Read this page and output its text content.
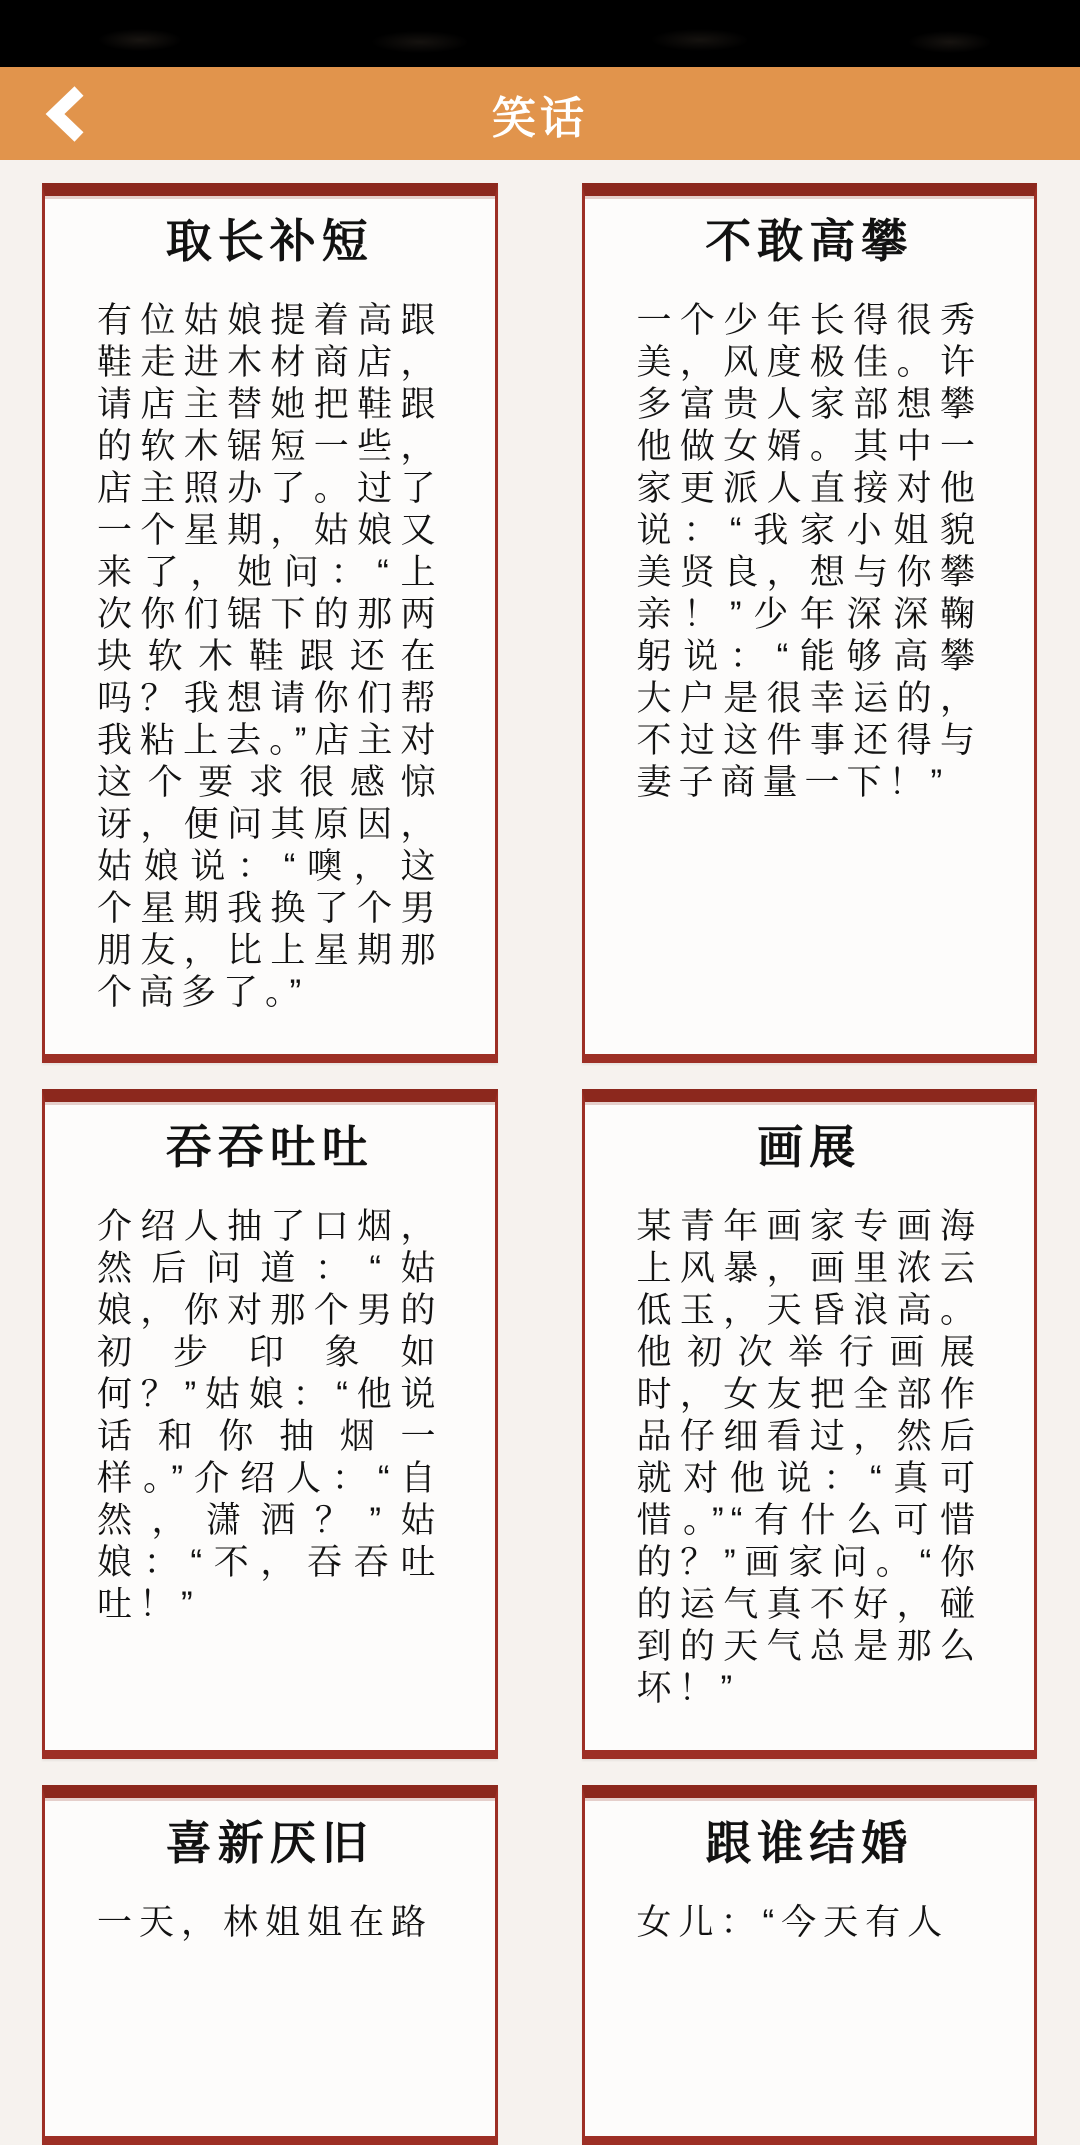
笑话
取长补短

有位姑娘提着高跟鞋走进木材商店，请店主替她把鞋跟的软木锯短一些，店主照办了。过了一个星期，姑娘又来了，她问：“上次你们锯下的那两块软木鞋跟还在吗？我想请你们帮我粘上去。”店主对这个要求很感惊讶，便问其原因，姑娘说：“噢，这个星期我换了个男朋友，比上星期那个高多了。”

不敢高攀

一个少年长得很秀美，风度极佳。许多富贵人家部想攀他做女婿。其中一家更派人直接对他说：“我家小姐貌美贤良，想与你攀亲！”少年深深鞠躬说：“能够高攀大户是很幸运的，不过这件事还得与妻子商量一下！”

吞吞吐吐

介绍人抽了口烟，然后问道：“姑娘，你对那个男的初步印象如何？”姑娘：“他说话和你抽烟一样。”介绍人：“自然，潇洒？”姑娘：“不，吞吞吐吐！”

画展

某青年画家专画海上风暴，画里浓云低玉，天昏浪高。他初次举行画展时，女友把全部作品仔细看过，然后就对他说：“真可惜。”“有什么可惜的？”画家问。“你的运气真不好，碰到的天气总是那么坏！”

喜新厌旧

一天，林姐姐在路

跟谁结婚

女儿：“今天有人
